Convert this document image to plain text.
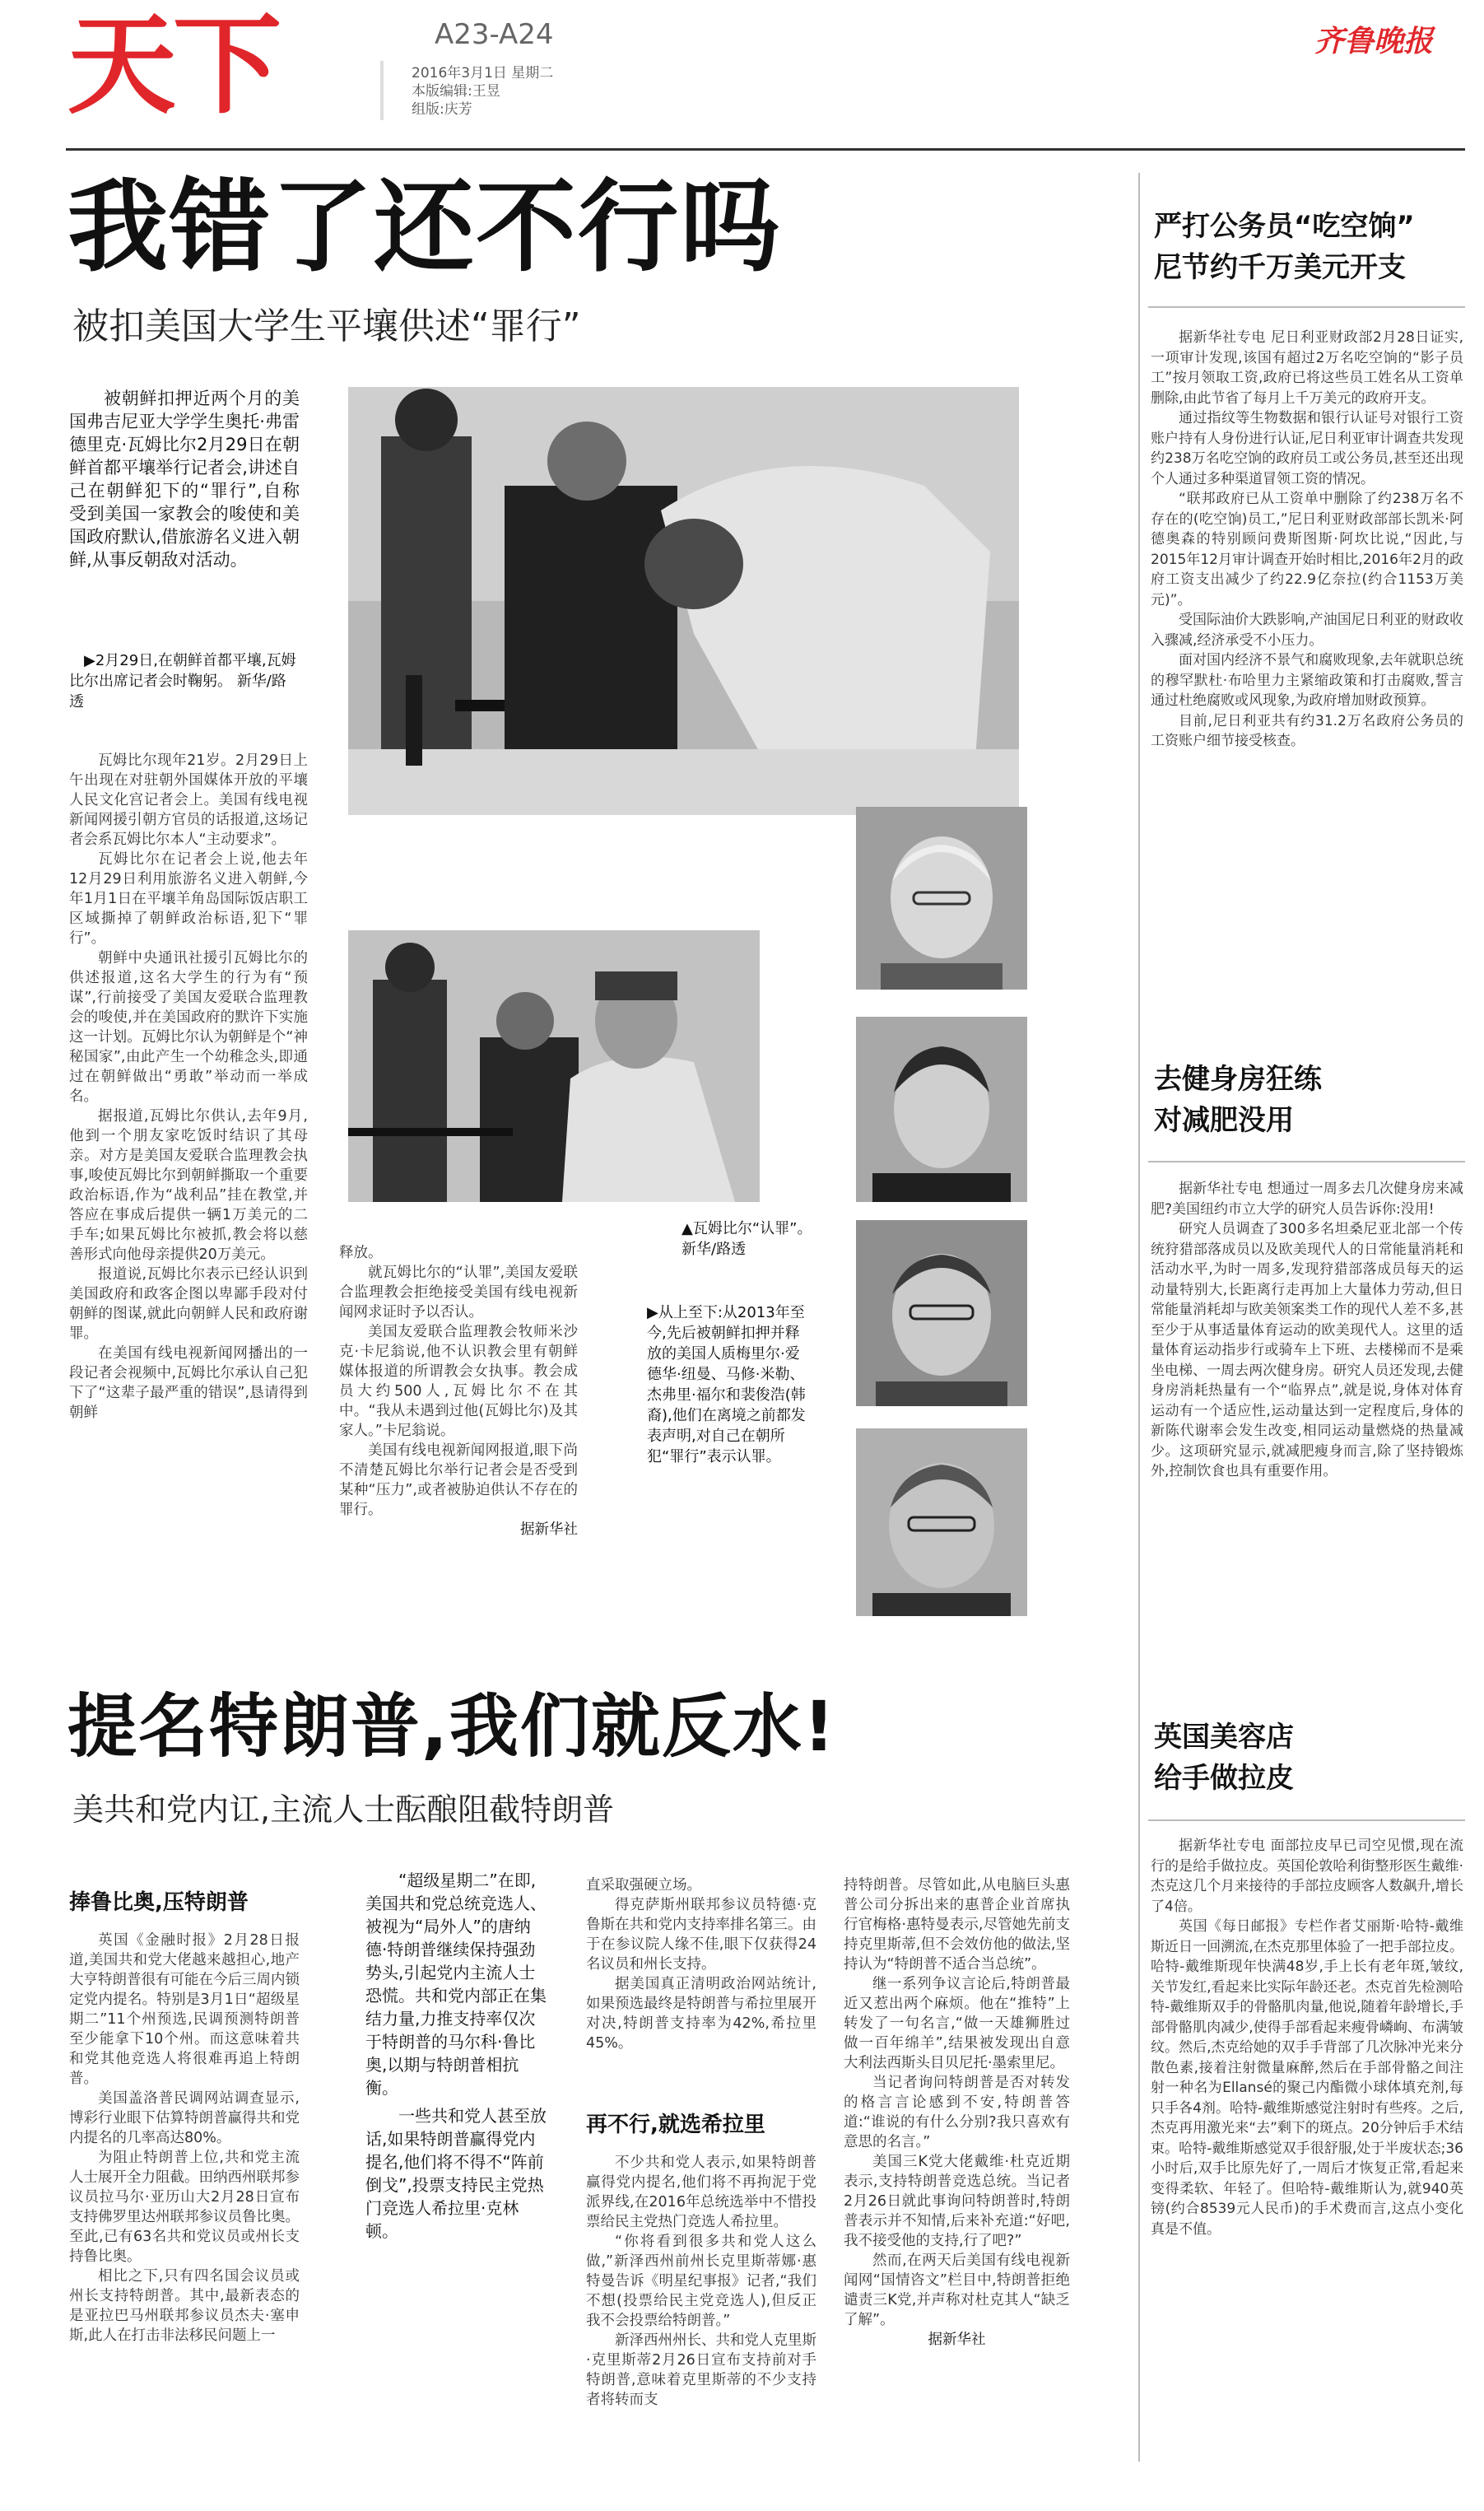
天下	A23-A24
2016年3月1日 星期二
本版编辑:王昱
组版:庆芳
齐鲁晚报
我错了还不行吗
被扣美国大学生平壤供述“罪行”
被朝鲜扣押近两个月的美国弗吉尼亚大学学生奥托·弗雷德里克·瓦姆比尔2月29日在朝鲜首都平壤举行记者会,讲述自己在朝鲜犯下的“罪行”,自称受到美国一家教会的唆使和美国政府默认,借旅游名义进入朝鲜,从事反朝敌对活动。
▶2月29日,在朝鲜首都平壤,瓦姆比尔出席记者会时鞠躬。 新华/路透
▲瓦姆比尔“认罪”。 新华/路透
▶从上至下:从2013年至今,先后被朝鲜扣押并释放的美国人质梅里尔·爱德华·纽曼、马修·米勒、杰弗里·福尔和裴俊浩(韩裔),他们在离境之前都发表声明,对自己在朝所犯“罪行”表示认罪。

瓦姆比尔现年21岁。2月29日上午出现在对驻朝外国媒体开放的平壤人民文化宫记者会上。美国有线电视新闻网援引朝方官员的话报道,这场记者会系瓦姆比尔本人“主动要求”。

瓦姆比尔在记者会上说,他去年12月29日利用旅游名义进入朝鲜,今年1月1日在平壤羊角岛国际饭店职工区域撕掉了朝鲜政治标语,犯下“罪行”。

朝鲜中央通讯社援引瓦姆比尔的供述报道,这名大学生的行为有“预谋”,行前接受了美国友爱联合监理教会的唆使,并在美国政府的默许下实施这一计划。瓦姆比尔认为朝鲜是个“神秘国家”,由此产生一个幼稚念头,即通过在朝鲜做出“勇敢”举动而一举成名。

据报道,瓦姆比尔供认,去年9月,他到一个朋友家吃饭时结识了其母亲。对方是美国友爱联合监理教会执事,唆使瓦姆比尔到朝鲜撕取一个重要政治标语,作为“战利品”挂在教堂,并答应在事成后提供一辆1万美元的二手车;如果瓦姆比尔被抓,教会将以慈善形式向他母亲提供20万美元。

报道说,瓦姆比尔表示已经认识到美国政府和政客企图以卑鄙手段对付朝鲜的图谋,就此向朝鲜人民和政府谢罪。

在美国有线电视新闻网播出的一段记者会视频中,瓦姆比尔承认自己犯下了“这辈子最严重的错误”,恳请得到朝鲜

释放。

就瓦姆比尔的“认罪”,美国友爱联合监理教会拒绝接受美国有线电视新闻网求证时予以否认。

美国友爱联合监理教会牧师米沙克·卡尼翁说,他不认识教会里有朝鲜媒体报道的所谓教会女执事。教会成员大约500人,瓦姆比尔不在其中。“我从未遇到过他(瓦姆比尔)及其家人。”卡尼翁说。

美国有线电视新闻网报道,眼下尚不清楚瓦姆比尔举行记者会是否受到某种“压力”,或者被胁迫供认不存在的罪行。

据新华社

提名特朗普,我们就反水!
美共和党内讧,主流人士酝酿阻截特朗普
捧鲁比奥,压特朗普

英国《金融时报》2月28日报道,美国共和党大佬越来越担心,地产大亨特朗普很有可能在今后三周内锁定党内提名。特别是3月1日“超级星期二”11个州预选,民调预测特朗普至少能拿下10个州。而这意味着共和党其他竞选人将很难再追上特朗普。

美国盖洛普民调网站调查显示,博彩行业眼下估算特朗普赢得共和党内提名的几率高达80%。

为阻止特朗普上位,共和党主流人士展开全力阻截。田纳西州联邦参议员拉马尔·亚历山大2月28日宣布支持佛罗里达州联邦参议员鲁比奥。至此,已有63名共和党议员或州长支持鲁比奥。

相比之下,只有四名国会议员或州长支持特朗普。其中,最新表态的是亚拉巴马州联邦参议员杰夫·塞申斯,此人在打击非法移民问题上一

“超级星期二”在即,美国共和党总统竞选人、被视为“局外人”的唐纳德·特朗普继续保持强劲势头,引起党内主流人士恐慌。共和党内部正在集结力量,力推支持率仅次于特朗普的马尔科·鲁比奥,以期与特朗普相抗衡。

一些共和党人甚至放话,如果特朗普赢得党内提名,他们将不得不“阵前倒戈”,投票支持民主党热门竞选人希拉里·克林顿。

直采取强硬立场。

得克萨斯州联邦参议员特德·克鲁斯在共和党内支持率排名第三。由于在参议院人缘不佳,眼下仅获得24名议员和州长支持。

据美国真正清明政治网站统计,如果预选最终是特朗普与希拉里展开对决,特朗普支持率为42%,希拉里45%。

再不行,就选希拉里

不少共和党人表示,如果特朗普赢得党内提名,他们将不再拘泥于党派界线,在2016年总统选举中不惜投票给民主党热门竞选人希拉里。

“你将看到很多共和党人这么做,”新泽西州前州长克里斯蒂娜·惠特曼告诉《明星纪事报》记者,“我们不想(投票给民主党竞选人),但反正我不会投票给特朗普。”

新泽西州州长、共和党人克里斯·克里斯蒂2月26日宣布支持前对手特朗普,意味着克里斯蒂的不少支持者将转而支

持特朗普。尽管如此,从电脑巨头惠普公司分拆出来的惠普企业首席执行官梅格·惠特曼表示,尽管她先前支持克里斯蒂,但不会效仿他的做法,坚持认为“特朗普不适合当总统”。

继一系列争议言论后,特朗普最近又惹出两个麻烦。他在“推特”上转发了一句名言,“做一天雄狮胜过做一百年绵羊”,结果被发现出自意大利法西斯头目贝尼托·墨索里尼。

当记者询问特朗普是否对转发的格言言论感到不安,特朗普答道:“谁说的有什么分别?我只喜欢有意思的名言。”

美国三K党大佬戴维·杜克近期表示,支持特朗普竞选总统。当记者2月26日就此事询问特朗普时,特朗普表示并不知情,后来补充道:“好吧,我不接受他的支持,行了吧?”

然而,在两天后美国有线电视新闻网“国情咨文”栏目中,特朗普拒绝谴责三K党,并声称对杜克其人“缺乏了解”。

据新华社

严打公务员“吃空饷”
尼节约千万美元开支

据新华社专电 尼日利亚财政部2月28日证实,一项审计发现,该国有超过2万名吃空饷的“影子员工”按月领取工资,政府已将这些员工姓名从工资单删除,由此节省了每月上千万美元的政府开支。

通过指纹等生物数据和银行认证号对银行工资账户持有人身份进行认证,尼日利亚审计调查共发现约238万名吃空饷的政府员工或公务员,甚至还出现个人通过多种渠道冒领工资的情况。

“联邦政府已从工资单中删除了约238万名不存在的(吃空饷)员工,”尼日利亚财政部部长凯米·阿德奥森的特别顾问费斯图斯·阿坎比说,“因此,与2015年12月审计调查开始时相比,2016年2月的政府工资支出减少了约22.9亿奈拉(约合1153万美元)”。

受国际油价大跌影响,产油国尼日利亚的财政收入骤减,经济承受不小压力。

面对国内经济不景气和腐败现象,去年就职总统的穆罕默杜·布哈里力主紧缩政策和打击腐败,誓言通过杜绝腐败或风现象,为政府增加财政预算。

目前,尼日利亚共有约31.2万名政府公务员的工资账户细节接受核查。

去健身房狂练
对减肥没用

据新华社专电 想通过一周多去几次健身房来减肥?美国纽约市立大学的研究人员告诉你:没用!

研究人员调查了300多名坦桑尼亚北部一个传统狩猎部落成员以及欧美现代人的日常能量消耗和活动水平,为时一周多,发现狩猎部落成员每天的运动量特别大,长距离行走再加上大量体力劳动,但日常能量消耗却与欧美领案类工作的现代人差不多,甚至少于从事适量体育运动的欧美现代人。这里的适量体育运动指步行或骑车上下班、去楼梯而不是乘坐电梯、一周去两次健身房。研究人员还发现,去健身房消耗热量有一个“临界点”,就是说,身体对体育运动有一个适应性,运动量达到一定程度后,身体的新陈代谢率会发生改变,相同运动量燃烧的热量减少。这项研究显示,就减肥瘦身而言,除了坚持锻炼外,控制饮食也具有重要作用。

英国美容店
给手做拉皮

据新华社专电 面部拉皮早已司空见惯,现在流行的是给手做拉皮。英国伦敦哈利街整形医生戴维·杰克这几个月来接待的手部拉皮顾客人数飙升,增长了4倍。

英国《每日邮报》专栏作者艾丽斯·哈特-戴维斯近日一回溯流,在杰克那里体验了一把手部拉皮。哈特-戴维斯现年快满48岁,手上长有老年斑,皱纹,关节发红,看起来比实际年龄还老。杰克首先检测哈特-戴维斯双手的骨骼肌肉量,他说,随着年龄增长,手部骨骼肌肉减少,使得手部看起来瘦骨嶙峋、布满皱纹。然后,杰克给她的双手手背部了几次脉冲光来分散色素,接着注射微量麻醉,然后在手部骨骼之间注射一种名为Ellansé的聚己内酯微小球体填充剂,每只手各4剂。哈特-戴维斯感觉注射时有些疼。之后,杰克再用激光来“去”剩下的斑点。20分钟后手术结束。哈特-戴维斯感觉双手很舒服,处于半废状态;36小时后,双手比原先好了,一周后才恢复正常,看起来变得柔软、年轻了。但哈特-戴维斯认为,就940英镑(约合8539元人民币)的手术费而言,这点小变化真是不值。
